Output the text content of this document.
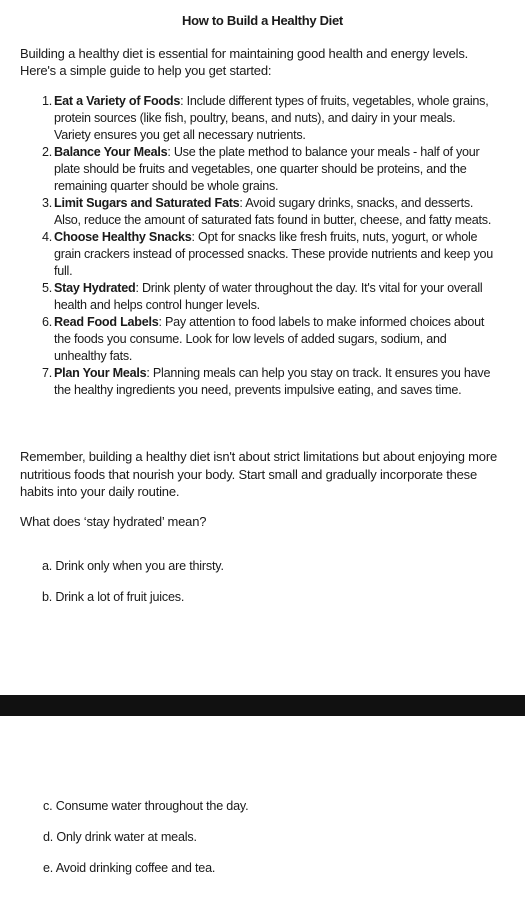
How to Build a Healthy Diet
Building a healthy diet is essential for maintaining good health and energy levels. Here's a simple guide to help you get started:
1. Eat a Variety of Foods: Include different types of fruits, vegetables, whole grains, protein sources (like fish, poultry, beans, and nuts), and dairy in your meals. Variety ensures you get all necessary nutrients.
2. Balance Your Meals: Use the plate method to balance your meals - half of your plate should be fruits and vegetables, one quarter should be proteins, and the remaining quarter should be whole grains.
3. Limit Sugars and Saturated Fats: Avoid sugary drinks, snacks, and desserts. Also, reduce the amount of saturated fats found in butter, cheese, and fatty meats.
4. Choose Healthy Snacks: Opt for snacks like fresh fruits, nuts, yogurt, or whole grain crackers instead of processed snacks. These provide nutrients and keep you full.
5. Stay Hydrated: Drink plenty of water throughout the day. It's vital for your overall health and helps control hunger levels.
6. Read Food Labels: Pay attention to food labels to make informed choices about the foods you consume. Look for low levels of added sugars, sodium, and unhealthy fats.
7. Plan Your Meals: Planning meals can help you stay on track. It ensures you have the healthy ingredients you need, prevents impulsive eating, and saves time.
Remember, building a healthy diet isn't about strict limitations but about enjoying more nutritious foods that nourish your body. Start small and gradually incorporate these habits into your daily routine.
What does ‘stay hydrated’ mean?
a. Drink only when you are thirsty.
b. Drink a lot of fruit juices.
c. Consume water throughout the day.
d. Only drink water at meals.
e. Avoid drinking coffee and tea.
